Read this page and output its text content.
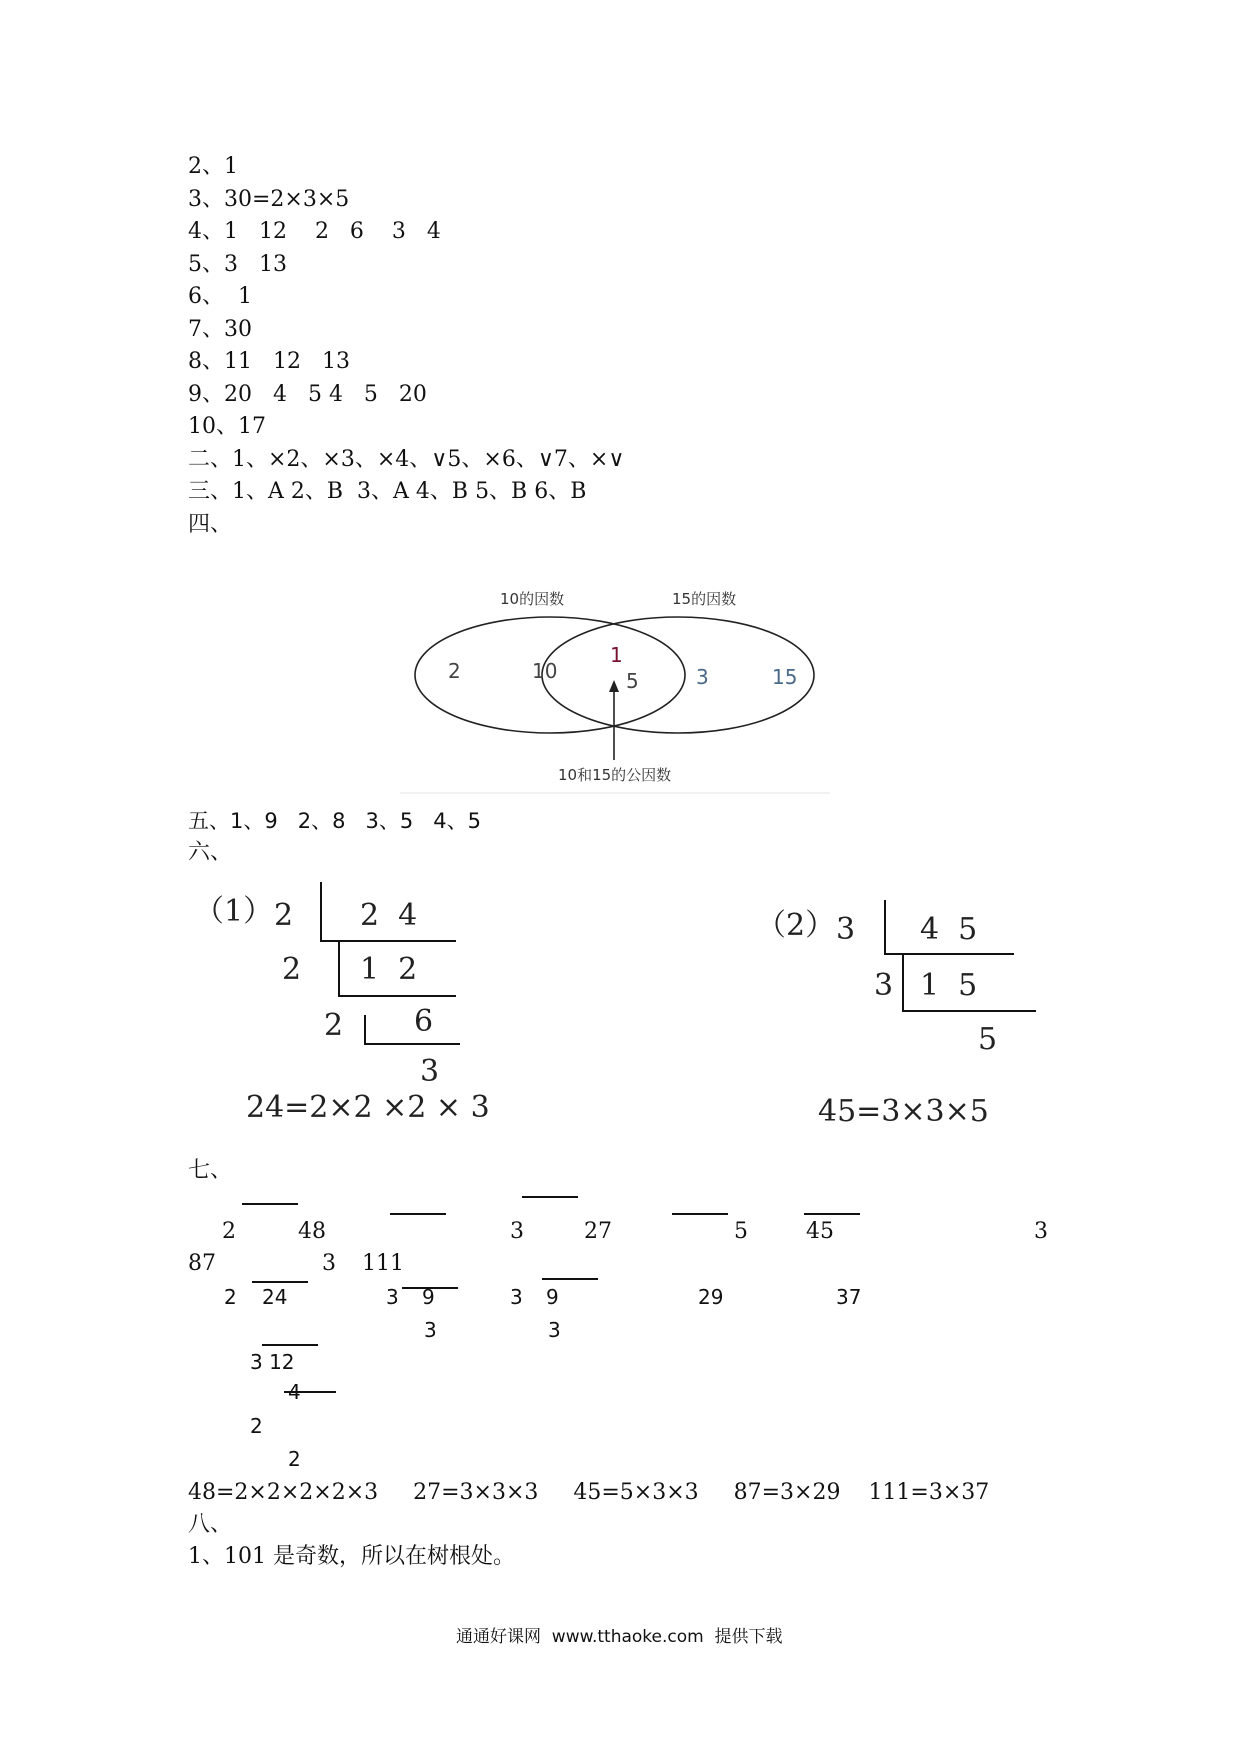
2、1
3、30=2×3×5
4、1   12    2   6    3   4
5、3   13
6、  1
7、30
8、11   12   13
9、20   4   5 4   5   20
10、17
二、1、×2、×3、×4、∨5、×6、∨7、×∨
三、1、A 2、B  3、A 4、B 5、B 6、B
四、
10的因数	15的因数
2	10
1
5	3	15
10和15的公因数
五、1、9   2、8   3、5   4、5
六、
（1） 2 2  4
2 1  2
2 6
3
24=2×2 ×2 × 3
（2） 3 4  5
3 1  5
5
45=3×3×5
七、
2	48	3	27	5	45	3
87	3 111
2 24	3 9	3 9	29	37
3	3
3 12
4
2
2
48=2×2×2×2×3     27=3×3×3     45=5×3×3     87=3×29    111=3×37
八、
1、101 是奇数，所以在树根处。
通通好课网  www.tthaoke.com  提供下载
